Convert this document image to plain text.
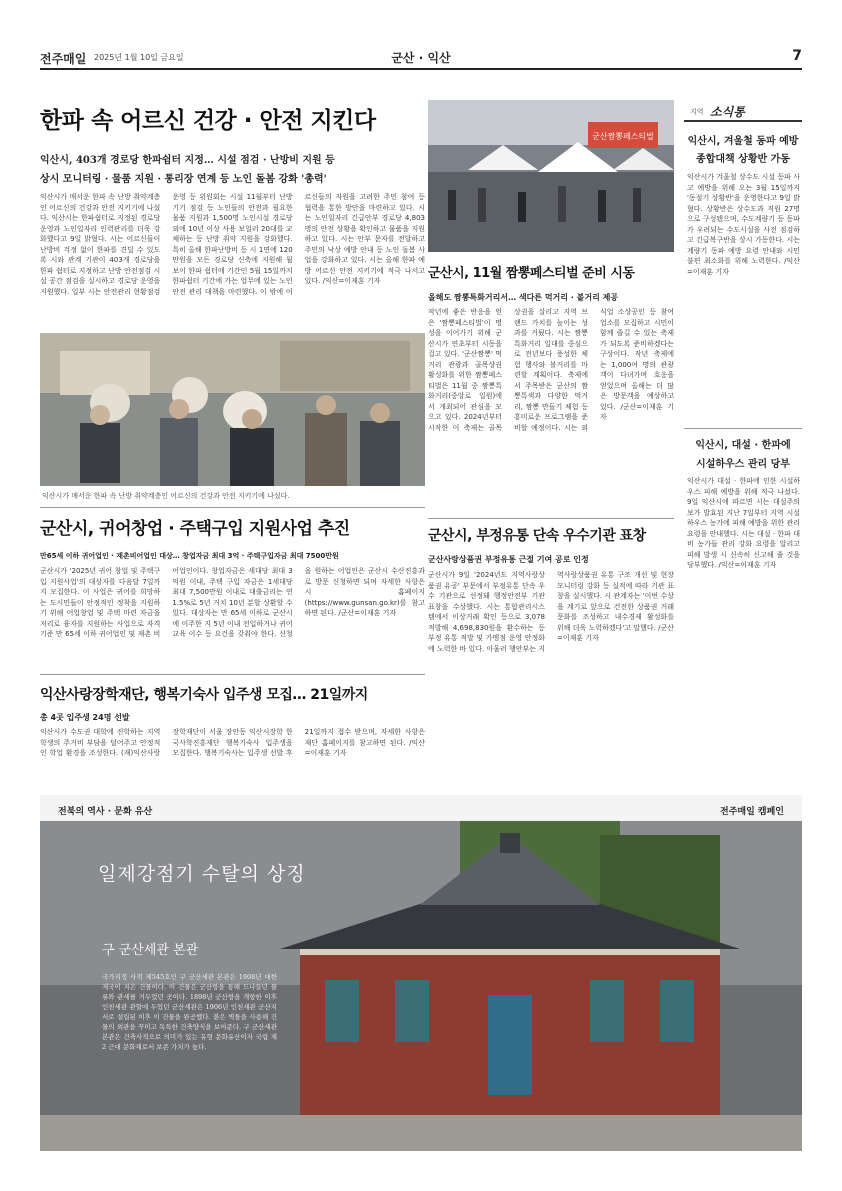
전주매일 2025년 1월 10일 금요일	군산 · 익산	7
한파 속 어르신 건강 · 안전 지킨다
익산시, 403개 경로당 한파쉼터 지정… 시설 점검 · 난방비 지원 등
상시 모니터링 · 물품 지원 · 통리장 연계 등 노인 돌봄 강화 '총력'
익산시가 매서운 한파 속 난방 취약계층인 어르신의 건강과 안전 지키기에 나섰다. 익산시는 한파쉼터로 지정된 경로당 운영과 노인일자리 인력관리를 더욱 강화했다고 9일 밝혔다. 시는 어르신들이 난방비 걱정 없이 한파를 견딜 수 있도록 시와 관계 기관이 403개 경로당을 한파 쉼터로 지정하고 난방 안전점검 시설 공간 점검을 실시하고 경로당 운영을 지원했다. 일부 시는 안전관리 현황점검 운영 등 위원회는 시설 11월부터 난방기기 점검 등 노인들의 안전과 필요한 물품 지원과 1,500명 노인시설 경로당 외에 10년 이상 사용 보일러 20대를 교체하는 등 난방 취약 지원을 강화했다. 특히 올해 한파난방비 등 시 1면에 120만원을 모든 경로당 신축에 지원해 월 보이 한파 쉼터에 기간인 5월 15일까지 한파쉼터 기간에 가는 업무에 있는 노인 안전 관리 대책을 마련했다. 이 밖에 어르신들의 자원을 고려한 주민 참여 등 협력을 통한 방안을 마련하고 있다. 시는 노인일자리 긴급안부 경로당 4,803명의 안전 상황을 확인하고 물품을 지원하고 있다. 시는 안부 문자를 전달하고 주민의 낙상 예방 안내 등 노인 돌봄 사업을 강화하고 있다. 시는 올해 한파 예방 어르신 안전 지키기에 적극 나서고 있다. /익산=이재훈 기자
익산시가 매서운 한파 속 난방 취약계층인 어르신의 건강과 안전 지키기에 나섰다.
군산짬뽕페스티벌
군산시, 11월 짬뽕페스티벌 준비 시동
올해도 짬뽕특화거리서… 색다른 먹거리 · 볼거리 제공
작년에 좋은 반응을 얻은 '짬뽕페스티벌'이 명성을 이어가기 위해 군산시가 연초부터 시동을 걸고 있다. '군산짬뽕' 먹거리 관광과 골목상권 활성화를 위한 짬뽕페스티벌은 11월 중 짬뽕특화거리(중앙로 일원)에서 개최되어 관심을 모으고 있다. 2024년부터 시작한 이 축제는 골목 상권을 살리고 지역 브랜드 가치를 높이는 성과를 거뒀다. 시는 짬뽕 특화거리 일대를 중심으로 전년보다 풍성한 체험 행사와 볼거리를 마련할 계획이다. 축제에서 주목받은 군산의 짬뽕특색과 다양한 먹거리, 짬뽕 만들기 체험 등 흥미로운 프로그램을 준비할 예정이다. 시는 외식업 소상공인 등 참여 업소를 모집하고 시민이 함께 즐길 수 있는 축제가 되도록 준비하겠다는 구상이다. 작년 축제에는 1,000여 명의 관광객이 다녀가며 호응을 얻었으며 올해는 더 많은 방문객을 예상하고 있다. /군산=이재훈 기자
군산시, 귀어창업 · 주택구입 지원사업 추진
만65세 이하 귀어업인 · 재촌비어업인 대상… 창업자금 최대 3억 · 주택구입자금 최대 7500만원
군산시가 '2025년 귀어 창업 및 주택구입 지원사업'의 대상자를 다음달 7일까지 모집한다. 이 사업은 귀어를 희망하는 도시민들이 안정적인 정착을 지원하기 위해 어업창업 및 주택 마련 자금을 저리로 융자를 지원하는 사업으로 자격기준 만 65세 이하 귀어업인 및 재촌 비어업인이다. 창업자금은 세대당 최대 3억원 이내, 주택 구입 자금은 1세대당 최대 7,500만원 이내로 대출금리는 연 1.5%로 5년 거치 10년 분할 상환할 수 있다. 대상자는 만 65세 이하로 군산시에 이주한 지 5년 이내 전입하거나 귀어교육 이수 등 요건을 갖춰야 한다. 신청을 원하는 어업인은 군산시 수산진흥과로 방문 신청하면 되며 자세한 사항은 시 홈페이지(https://www.gunsan.go.kr)를 참고하면 된다. /군산=이재훈 기자
군산시, 부정유통 단속 우수기관 표창
군산사랑상품권 부정유통 근절 기여 공로 인정
군산시가 9일 '2024년도 지역사랑상품권 유공' 부문에서 부정유통 단속 우수 기관으로 선정돼 행정안전부 기관 표창을 수상했다. 시는 통합관리시스템에서 이상거래 확인 등으로 3,078 적발해 4,698,830원을 환수하는 등 부정 유통 적발 및 가맹점 운영 안정화에 노력한 바 있다. 아울러 행안부는 지역사랑상품권 유통 구조 개선 및 현장 모니터링 강화 등 실적에 따라 기관 표창을 실시했다. 시 관계자는 '이번 수상을 계기로 앞으로 건전한 상품권 거래문화를 조성하고 내수경제 활성화를 위해 더욱 노력하겠다'고 말했다. /군산=이재훈 기자
익산사랑장학재단, 행복기숙사 입주생 모집… 21일까지
총 4곳 입주생 24명 선발
익산시가 수도권 대학에 진학하는 지역 학생의 주거비 부담을 덜어주고 안정적인 학업 환경을 조성한다. (재)익산사랑장학재단이 서울 장안동 익산시장학 한국사학진흥재단 행복기숙사 입주생을 모집한다. 행복기숙사는 입주생 선발 후 21일까지 접수 받으며, 자세한 사항은 재단 홈페이지를 참고하면 된다. /익산=이재훈 기자
지역 소식통
익산시, 겨울철 동파 예방
종합대책 상황반 가동
익산시가 겨울철 상수도 시설 동파 사고 예방을 위해 오는 3월 15일까지 '동절기 상황반'을 운영한다고 9일 밝혔다. 상황반은 상수도과 직원 27명으로 구성됐으며, 수도계량기 등 동파가 우려되는 수도시설을 사전 점검하고 긴급복구반을 상시 가동한다. 시는 계량기 동파 예방 요령 안내와 시민 불편 최소화를 위해 노력한다. /익산=이재훈 기자
익산시, 대설 · 한파에
시설하우스 관리 당부
익산시가 대설 · 한파에 인한 시설하우스 피해 예방을 위해 적극 나섰다. 9일 익산시에 따르면 시는 대설주의보가 발효된 지난 7일부터 지역 시설 하우스 농가에 피해 예방을 위한 관리요령을 안내했다. 시는 대설 · 한파 대비 농가들 관리 강화 요령을 알리고 피해 발생 시 신속히 신고해 줄 것을 당부했다. /익산=이재훈 기자
전북의 역사 · 문화 유산	전주매일 캠페인
일제강점기 수탈의 상징
구 군산세관 본관
국가지정 사적 제545호인 구 군산세관 본관은 1908년 대한제국이 지은 건물이다. 이 건물은 군산항을 통해 드나들던 물류와 관세를 거두었던 곳이다. 1898년 군산항을 개항한 이후 인천세관 관할에 두었던 군산세관은 1906년 인천세관 군산지서로 설립된 이후 이 건물을 완공했다. 붉은 벽돌을 사용해 건물의 외관을 꾸미고 독특한 건축양식을 보여준다. 구 군산세관 본관은 건축사적으로 의미가 있는 유형 문화유산이자 국립 제2 근대 문화재로서 보존 가치가 높다.
